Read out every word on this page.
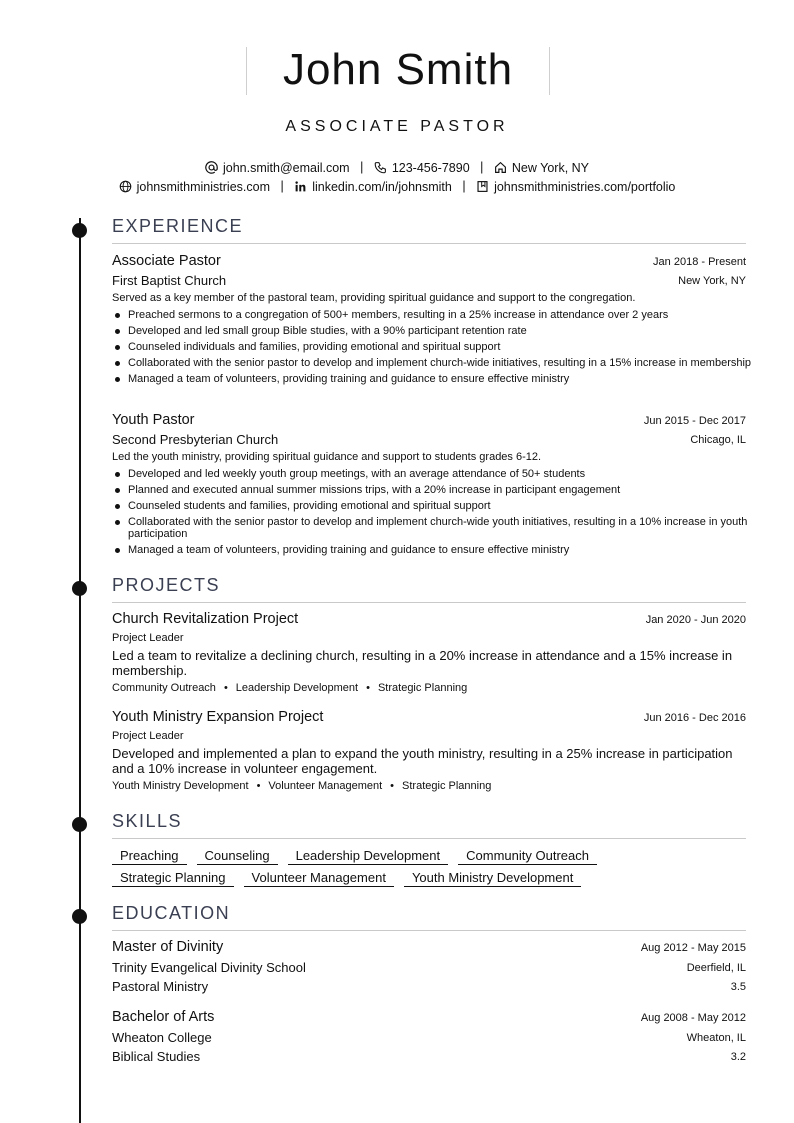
John Smith
ASSOCIATE PASTOR
john.smith@email.com | 123-456-7890 | New York, NY
johnsmithministries.com | linkedin.com/in/johnsmith | johnsmithministries.com/portfolio
EXPERIENCE
Associate Pastor	Jan 2018 - Present
First Baptist Church	New York, NY
Served as a key member of the pastoral team, providing spiritual guidance and support to the congregation.
Preached sermons to a congregation of 500+ members, resulting in a 25% increase in attendance over 2 years
Developed and led small group Bible studies, with a 90% participant retention rate
Counseled individuals and families, providing emotional and spiritual support
Collaborated with the senior pastor to develop and implement church-wide initiatives, resulting in a 15% increase in membership
Managed a team of volunteers, providing training and guidance to ensure effective ministry
Youth Pastor	Jun 2015 - Dec 2017
Second Presbyterian Church	Chicago, IL
Led the youth ministry, providing spiritual guidance and support to students grades 6-12.
Developed and led weekly youth group meetings, with an average attendance of 50+ students
Planned and executed annual summer missions trips, with a 20% increase in participant engagement
Counseled students and families, providing emotional and spiritual support
Collaborated with the senior pastor to develop and implement church-wide youth initiatives, resulting in a 10% increase in youth participation
Managed a team of volunteers, providing training and guidance to ensure effective ministry
PROJECTS
Church Revitalization Project	Jan 2020 - Jun 2020
Project Leader
Led a team to revitalize a declining church, resulting in a 20% increase in attendance and a 15% increase in membership.
Community Outreach • Leadership Development • Strategic Planning
Youth Ministry Expansion Project	Jun 2016 - Dec 2016
Project Leader
Developed and implemented a plan to expand the youth ministry, resulting in a 25% increase in participation and a 10% increase in volunteer engagement.
Youth Ministry Development • Volunteer Management • Strategic Planning
SKILLS
Preaching Counseling Leadership Development Community Outreach
Strategic Planning Volunteer Management Youth Ministry Development
EDUCATION
Master of Divinity	Aug 2012 - May 2015
Trinity Evangelical Divinity School	Deerfield, IL
Pastoral Ministry	3.5
Bachelor of Arts	Aug 2008 - May 2012
Wheaton College	Wheaton, IL
Biblical Studies	3.2
